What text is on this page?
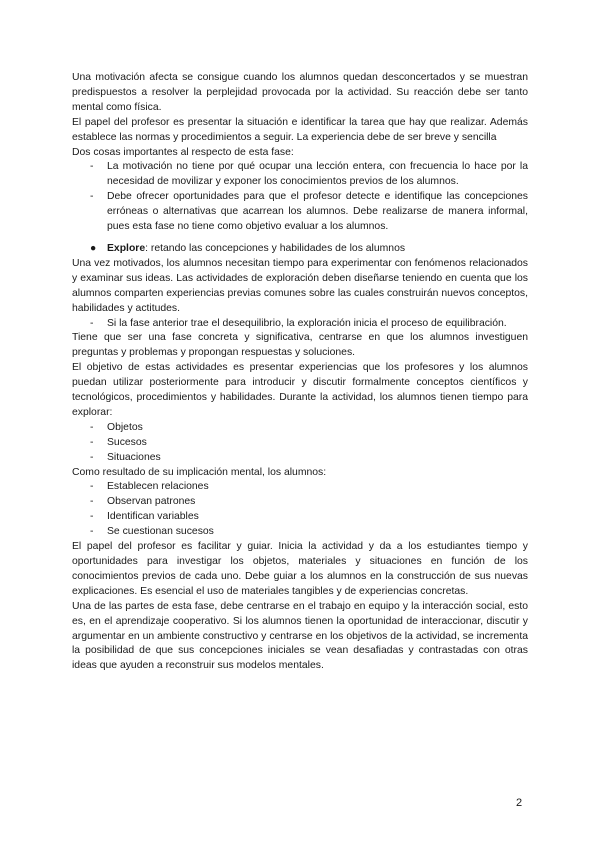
Una motivación afecta se consigue cuando los alumnos quedan desconcertados y se muestran predispuestos a resolver la perplejidad provocada por la actividad. Su reacción debe ser tanto mental como física.

El papel del profesor es presentar la situación e identificar la tarea que hay que realizar. Además establece las normas y procedimientos a seguir. La experiencia debe de ser breve y sencilla

Dos cosas importantes al respecto de esta fase:

- La motivación no tiene por qué ocupar una lección entera, con frecuencia lo hace por la necesidad de movilizar y exponer los conocimientos previos de los alumnos.
- Debe ofrecer oportunidades para que el profesor detecte e identifique las concepciones erróneas o alternativas que acarrean los alumnos. Debe realizarse de manera informal, pues esta fase no tiene como objetivo evaluar a los alumnos.
● Explore: retando las concepciones y habilidades de los alumnos

Una vez motivados, los alumnos necesitan tiempo para experimentar con fenómenos relacionados y examinar sus ideas. Las actividades de exploración deben diseñarse teniendo en cuenta que los alumnos comparten experiencias previas comunes sobre las cuales construirán nuevos conceptos, habilidades y actitudes.

- Si la fase anterior trae el desequilibrio, la exploración inicia el proceso de equilibración.

Tiene que ser una fase concreta y significativa, centrarse en que los alumnos investiguen preguntas y problemas y propongan respuestas y soluciones.

El objetivo de estas actividades es presentar experiencias que los profesores y los alumnos puedan utilizar posteriormente para introducir y discutir formalmente conceptos científicos y tecnológicos, procedimientos y habilidades. Durante la actividad, los alumnos tienen tiempo para explorar:

- Objetos
- Sucesos
- Situaciones

Como resultado de su implicación mental, los alumnos:

- Establecen relaciones
- Observan patrones
- Identifican variables
- Se cuestionan sucesos

El papel del profesor es facilitar y guiar. Inicia la actividad y da a los estudiantes tiempo y oportunidades para investigar los objetos, materiales y situaciones en función de los conocimientos previos de cada uno. Debe guiar a los alumnos en la construcción de sus nuevas explicaciones. Es esencial el uso de materiales tangibles y de experiencias concretas.

Una de las partes de esta fase, debe centrarse en el trabajo en equipo y la interacción social, esto es, en el aprendizaje cooperativo. Si los alumnos tienen la oportunidad de interaccionar, discutir y argumentar en un ambiente constructivo y centrarse en los objetivos de la actividad, se incrementa la posibilidad de que sus concepciones iniciales se vean desafiadas y contrastadas con otras ideas que ayuden a reconstruir sus modelos mentales.

2
